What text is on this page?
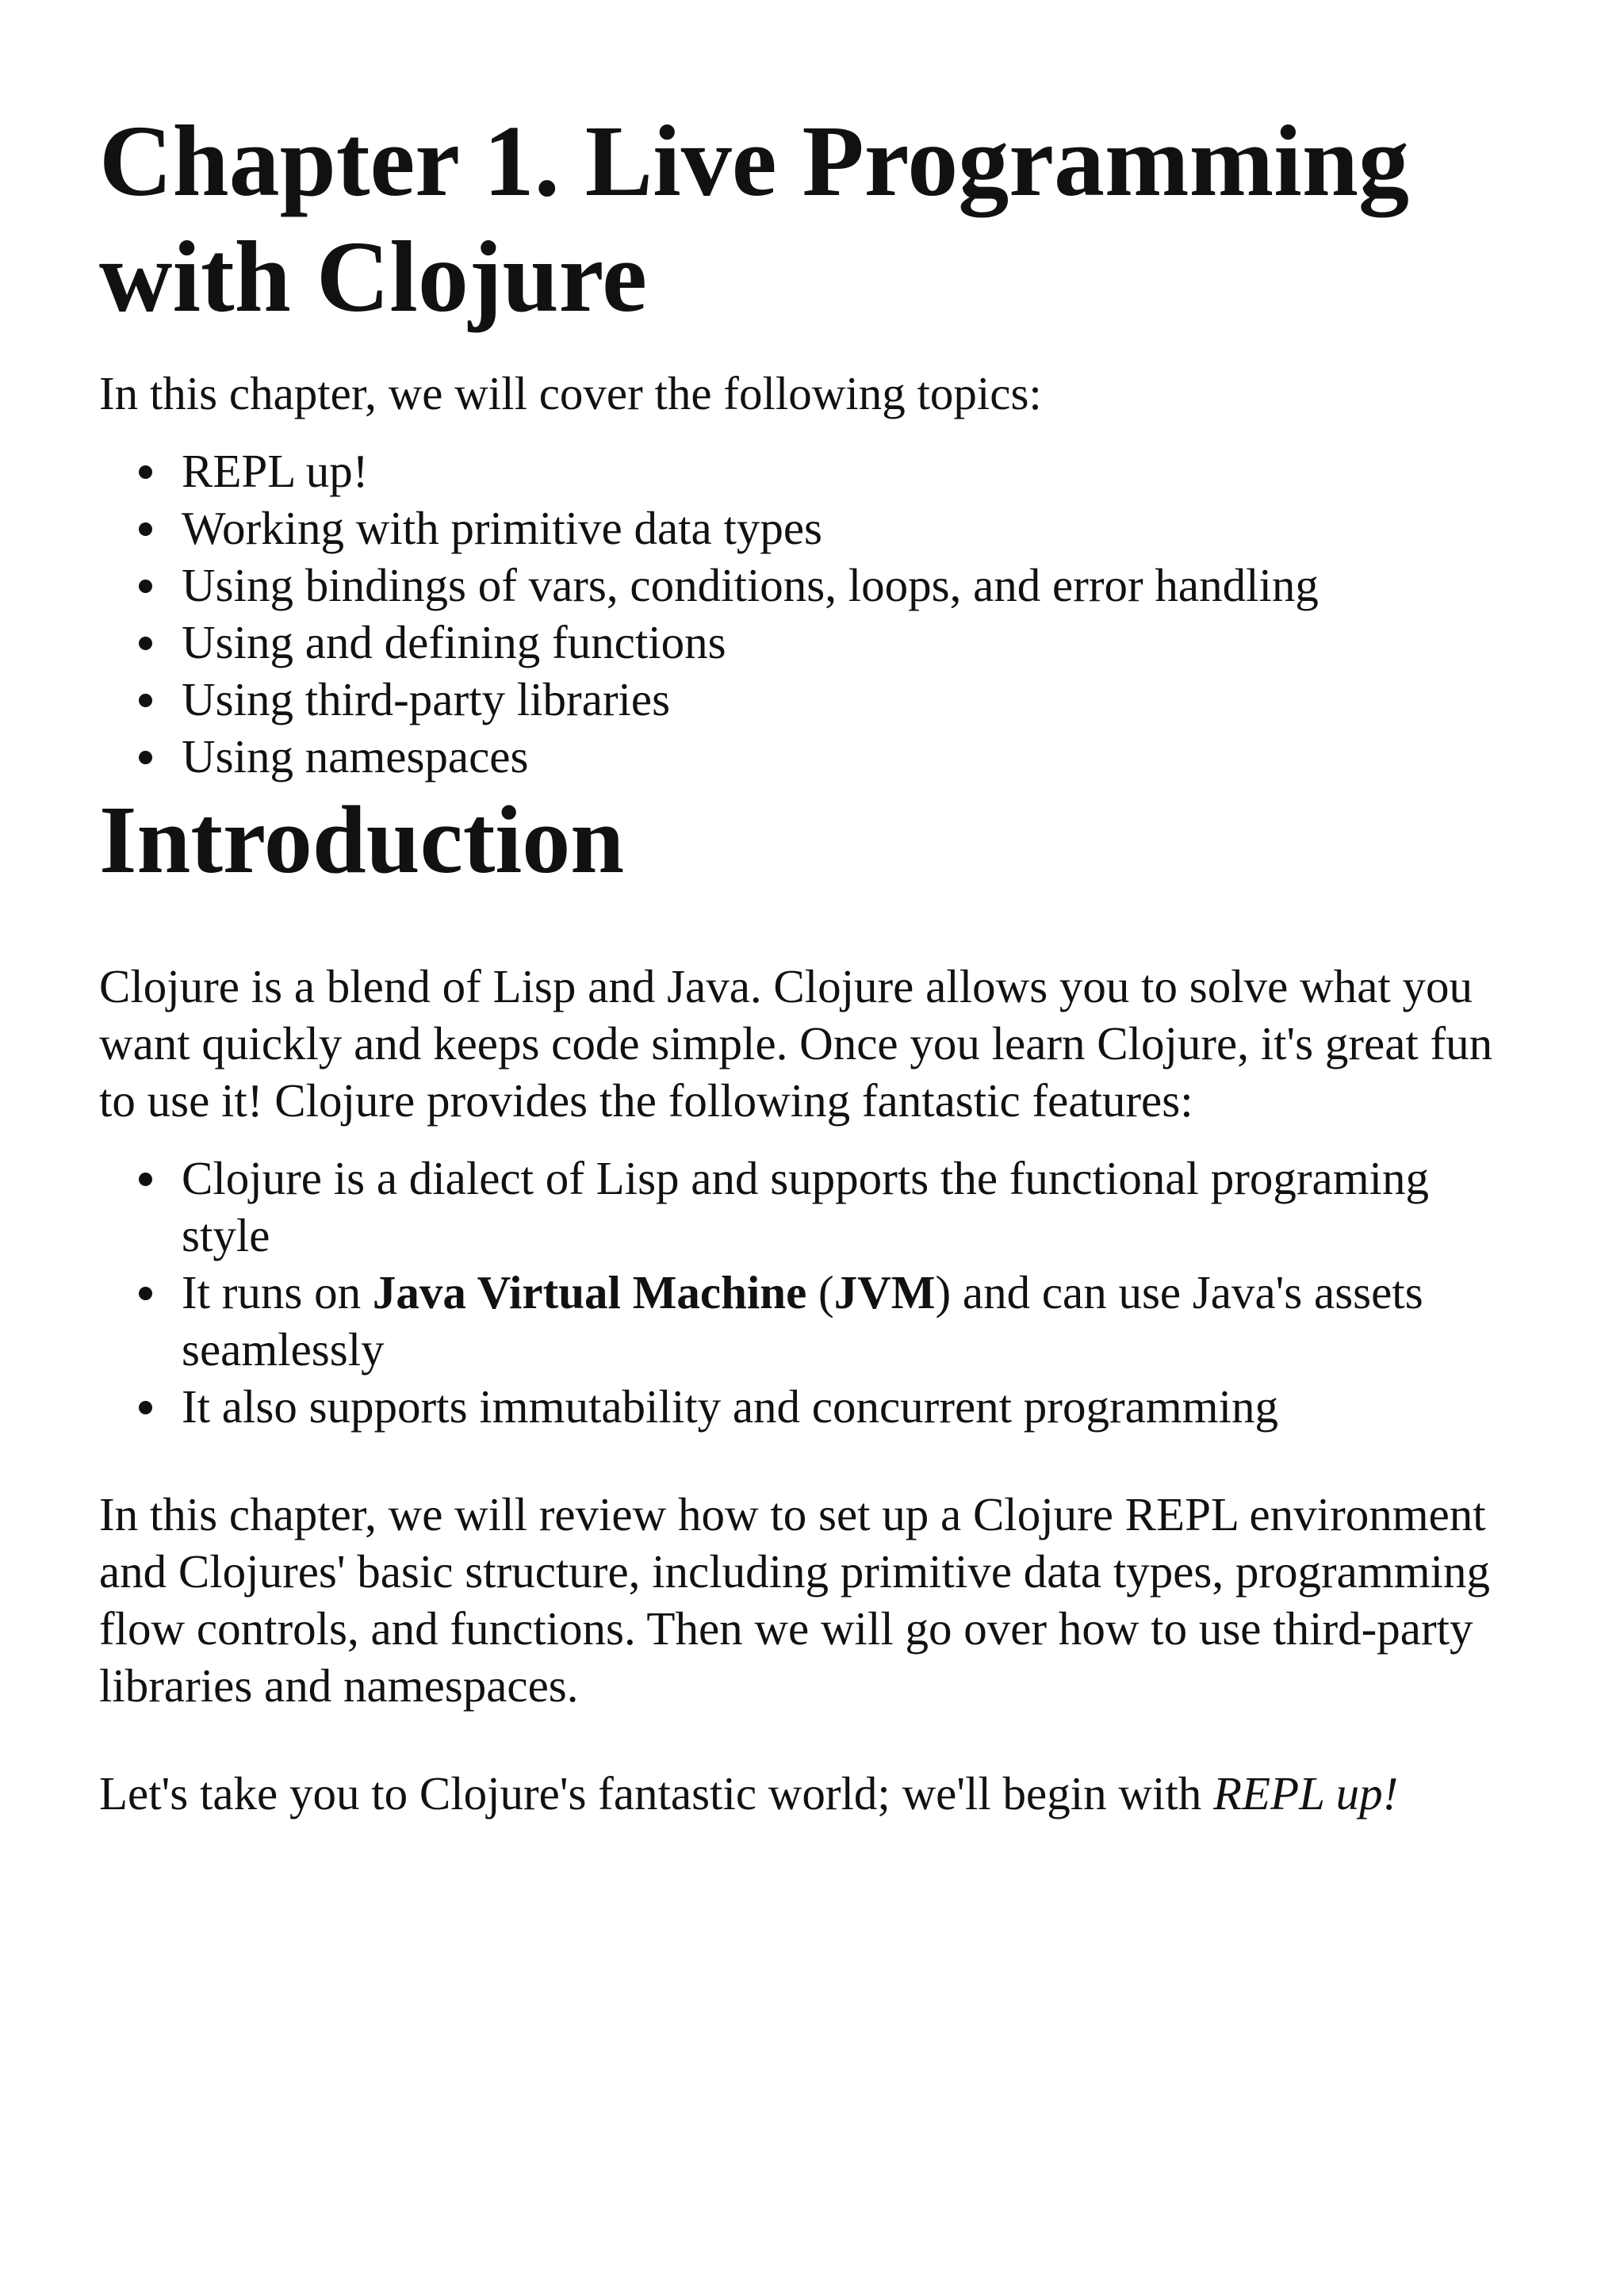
Chapter 1. Live Programming with Clojure

In this chapter, we will cover the following topics:

REPL up!
Working with primitive data types
Using bindings of vars, conditions, loops, and error handling
Using and defining functions
Using third-party libraries
Using namespaces
Introduction

Clojure is a blend of Lisp and Java. Clojure allows you to solve what you want quickly and keeps code simple. Once you learn Clojure, it's great fun to use it! Clojure provides the following fantastic features:

Clojure is a dialect of Lisp and supports the functional programing style
It runs on Java Virtual Machine (JVM) and can use Java's assets seamlessly
It also supports immutability and concurrent programming

In this chapter, we will review how to set up a Clojure REPL environment and Clojures' basic structure, including primitive data types, programming flow controls, and functions. Then we will go over how to use third-party libraries and namespaces.

Let's take you to Clojure's fantastic world; we'll begin with REPL up!
